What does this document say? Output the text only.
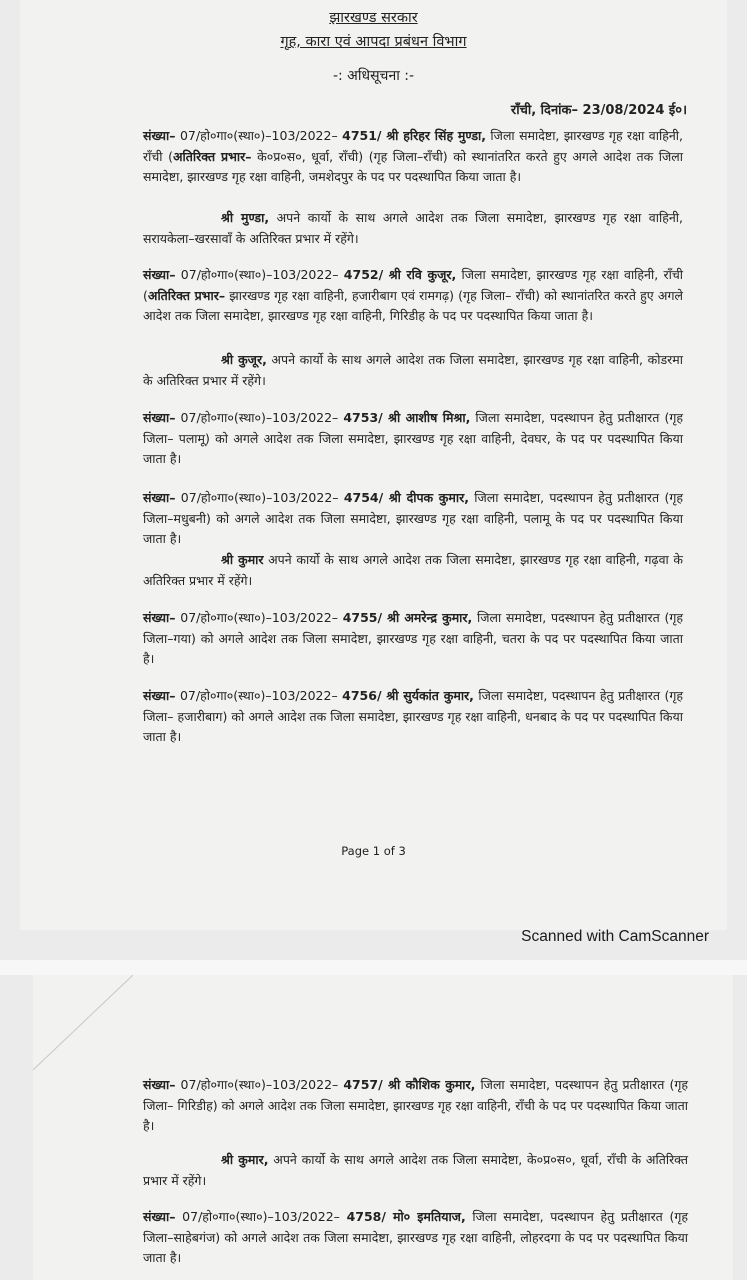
झारखण्ड सरकार
गृह, कारा एवं आपदा प्रबंधन विभाग
-: अधिसूचना :-
राँची, दिनांक– 23/08/2024 ई०।
संख्या– 07/हो०गा०(स्था०)–103/2022– 4751/ श्री हरिहर सिंह मुण्डा, जिला समादेष्टा, झारखण्ड गृह रक्षा वाहिनी, राँची (अतिरिक्त प्रभार– के०प्र०स०, धूर्वा, राँची) (गृह जिला–राँची) को स्थानांतरित करते हुए अगले आदेश तक जिला समादेष्टा, झारखण्ड गृह रक्षा वाहिनी, जमशेदपुर के पद पर पदस्थापित किया जाता है।
श्री मुण्डा, अपने कार्यो के साथ अगले आदेश तक जिला समादेष्टा, झारखण्ड गृह रक्षा वाहिनी, सरायकेला–खरसावाँ के अतिरिक्त प्रभार में रहेंगे।
संख्या– 07/हो०गा०(स्था०)–103/2022– 4752/ श्री रवि कुजूर, जिला समादेष्टा, झारखण्ड गृह रक्षा वाहिनी, राँची (अतिरिक्त प्रभार– झारखण्ड गृह रक्षा वाहिनी, हजारीबाग एवं रामगढ़) (गृह जिला– राँची) को स्थानांतरित करते हुए अगले आदेश तक जिला समादेष्टा, झारखण्ड गृह रक्षा वाहिनी, गिरिडीह के पद पर पदस्थापित किया जाता है।
श्री कुजूर, अपने कार्यो के साथ अगले आदेश तक जिला समादेष्टा, झारखण्ड गृह रक्षा वाहिनी, कोडरमा के अतिरिक्त प्रभार में रहेंगे।
संख्या– 07/हो०गा०(स्था०)–103/2022– 4753/ श्री आशीष मिश्रा, जिला समादेष्टा, पदस्थापन हेतु प्रतीक्षारत (गृह जिला– पलामू) को अगले आदेश तक जिला समादेष्टा, झारखण्ड गृह रक्षा वाहिनी, देवघर, के पद पर पदस्थापित किया जाता है।
संख्या– 07/हो०गा०(स्था०)–103/2022– 4754/ श्री दीपक कुमार, जिला समादेष्टा, पदस्थापन हेतु प्रतीक्षारत (गृह जिला–मधुबनी) को अगले आदेश तक जिला समादेष्टा, झारखण्ड गृह रक्षा वाहिनी, पलामू के पद पर पदस्थापित किया जाता है।
श्री कुमार अपने कार्यो के साथ अगले आदेश तक जिला समादेष्टा, झारखण्ड गृह रक्षा वाहिनी, गढ़वा के अतिरिक्त प्रभार में रहेंगे।
संख्या– 07/हो०गा०(स्था०)–103/2022– 4755/ श्री अमरेन्द्र कुमार, जिला समादेष्टा, पदस्थापन हेतु प्रतीक्षारत (गृह जिला–गया) को अगले आदेश तक जिला समादेष्टा, झारखण्ड गृह रक्षा वाहिनी, चतरा के पद पर पदस्थापित किया जाता है।
संख्या– 07/हो०गा०(स्था०)–103/2022– 4756/ श्री सुर्यकांत कुमार, जिला समादेष्टा, पदस्थापन हेतु प्रतीक्षारत (गृह जिला– हजारीबाग) को अगले आदेश तक जिला समादेष्टा, झारखण्ड गृह रक्षा वाहिनी, धनबाद के पद पर पदस्थापित किया जाता है।
Page 1 of 3
Scanned with CamScanner
संख्या– 07/हो०गा०(स्था०)–103/2022– 4757/ श्री कौशिक कुमार, जिला समादेष्टा, पदस्थापन हेतु प्रतीक्षारत (गृह जिला– गिरिडीह) को अगले आदेश तक जिला समादेष्टा, झारखण्ड गृह रक्षा वाहिनी, राँची के पद पर पदस्थापित किया जाता है।
श्री कुमार, अपने कार्यो के साथ अगले आदेश तक जिला समादेष्टा, के०प्र०स०, धूर्वा, राँची के अतिरिक्त प्रभार में रहेंगे।
संख्या– 07/हो०गा०(स्था०)–103/2022– 4758/ मो० इमतियाज, जिला समादेष्टा, पदस्थापन हेतु प्रतीक्षारत (गृह जिला–साहेबगंज) को अगले आदेश तक जिला समादेष्टा, झारखण्ड गृह रक्षा वाहिनी, लोहरदगा के पद पर पदस्थापित किया जाता है।
